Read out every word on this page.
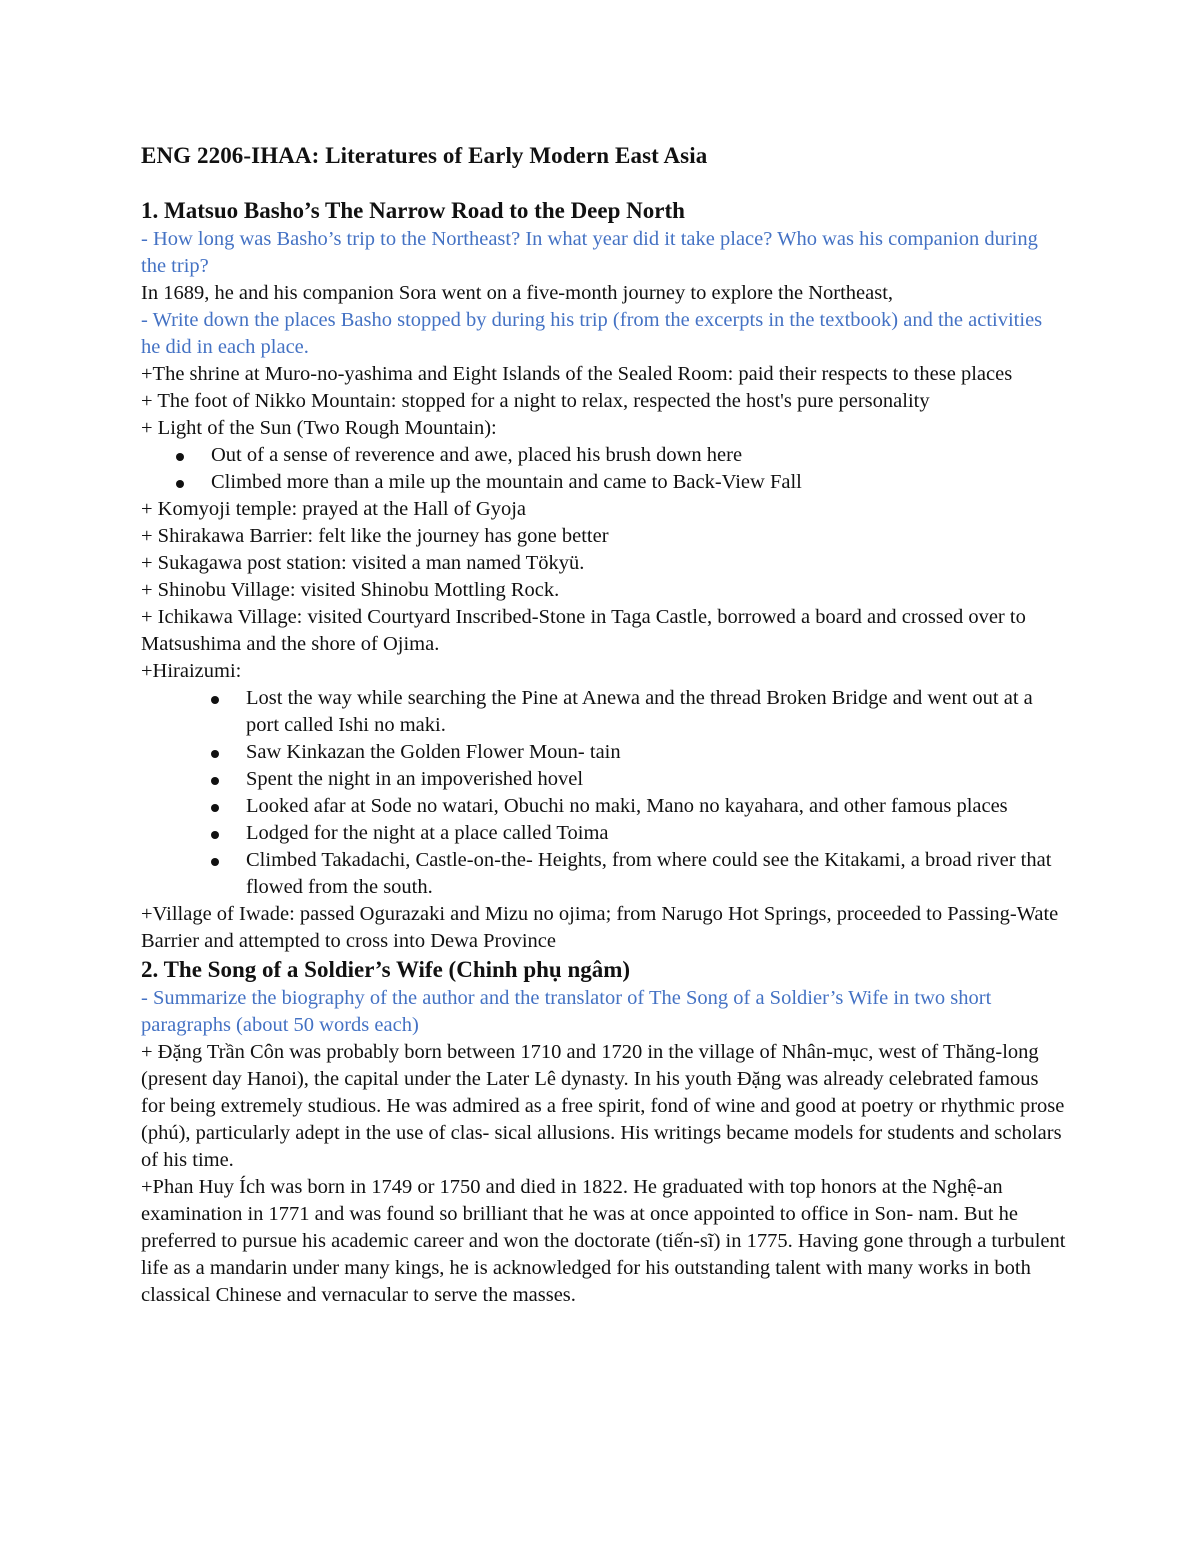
ENG 2206-IHAA: Literatures of Early Modern East Asia
1. Matsuo Basho’s The Narrow Road to the Deep North

- How long was Basho’s trip to the Northeast? In what year did it take place? Who was his companion during the trip?

In 1689, he and his companion Sora went on a five-month journey to explore the Northeast,

- Write down the places Basho stopped by during his trip (from the excerpts in the textbook) and the activities he did in each place.

+The shrine at Muro-no-yashima and Eight Islands of the Sealed Room: paid their respects to these places

+ The foot of Nikko Mountain: stopped for a night to relax, respected the host's pure personality

+ Light of the Sun (Two Rough Mountain):

Out of a sense of reverence and awe, placed his brush down here
Climbed more than a mile up the mountain and came to Back-View Fall

+ Komyoji temple: prayed at the Hall of Gyoja

+ Shirakawa Barrier: felt like the journey has gone better

+ Sukagawa post station: visited a man named Tökyü.

+ Shinobu Village: visited Shinobu Mottling Rock.

+ Ichikawa Village: visited Courtyard Inscribed-Stone in Taga Castle, borrowed a board and crossed over to Matsushima and the shore of Ojima.

+Hiraizumi:

Lost the way while searching the Pine at Anewa and the thread Broken Bridge and went out at a port called Ishi no maki.
Saw Kinkazan the Golden Flower Moun- tain
Spent the night in an impoverished hovel
Looked afar at Sode no watari, Obuchi no maki, Mano no kayahara, and other famous places
Lodged for the night at a place called Toima
Climbed Takadachi, Castle-on-the- Heights, from where could see the Kitakami, a broad river that flowed from the south.

+Village of Iwade: passed Ogurazaki and Mizu no ojima; from Narugo Hot Springs, proceeded to Passing-Wate Barrier and attempted to cross into Dewa Province

2. The Song of a Soldier’s Wife (Chinh phụ ngâm)

- Summarize the biography of the author and the translator of The Song of a Soldier’s Wife in two short paragraphs (about 50 words each)

+ Đặng Trần Côn was probably born between 1710 and 1720 in the village of Nhân-mục, west of Thăng-long (present day Hanoi), the capital under the Later Lê dynasty. In his youth Đặng was already celebrated famous for being extremely studious. He was admired as a free spirit, fond of wine and good at poetry or rhythmic prose (phú), particularly adept in the use of clas- sical allusions. His writings became models for students and scholars of his time.

+Phan Huy Ích was born in 1749 or 1750 and died in 1822. He graduated with top honors at the Nghệ-an examination in 1771 and was found so brilliant that he was at once appointed to office in Son- nam. But he preferred to pursue his academic career and won the doctorate (tiến-sĩ) in 1775. Having gone through a turbulent life as a mandarin under many kings, he is acknowledged for his outstanding talent with many works in both classical Chinese and vernacular to serve the masses.
